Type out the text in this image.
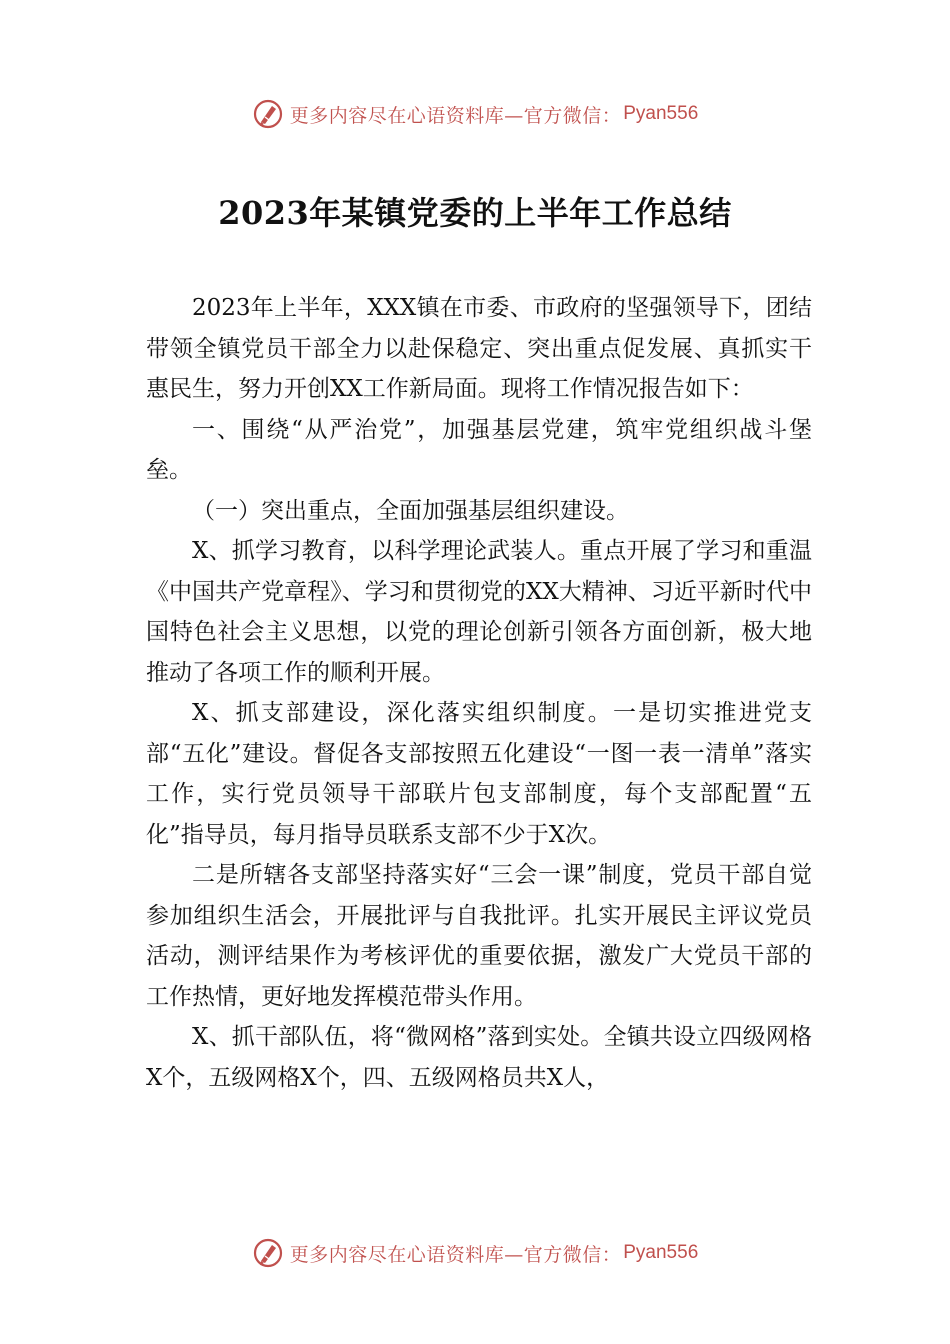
更多内容尽在心语资料库—官方微信： Pyan556
2023年某镇党委的上半年工作总结

2023年上半年，XXX镇在市委、市政府的坚强领导下，团结带领全镇党员干部全力以赴保稳定、突出重点促发展、真抓实干惠民生，努力开创XX工作新局面。现将工作情况报告如下：

一、围绕“从严治党”，加强基层党建，筑牢党组织战斗堡垒。

（一）突出重点，全面加强基层组织建设。

X、抓学习教育，以科学理论武装人。重点开展了学习和重温《中国共产党章程》、学习和贯彻党的XX大精神、习近平新时代中国特色社会主义思想，以党的理论创新引领各方面创新，极大地推动了各项工作的顺利开展。

X、抓支部建设，深化落实组织制度。一是切实推进党支部“五化”建设。督促各支部按照五化建设“一图一表一清单”落实工作，实行党员领导干部联片包支部制度，每个支部配置“五化”指导员，每月指导员联系支部不少于X次。

二是所辖各支部坚持落实好“三会一课”制度，党员干部自觉参加组织生活会，开展批评与自我批评。扎实开展民主评议党员活动，测评结果作为考核评优的重要依据，激发广大党员干部的工作热情，更好地发挥模范带头作用。

X、抓干部队伍，将“微网格”落到实处。全镇共设立四级网格X个，五级网格X个，四、五级网格员共X人，

更多内容尽在心语资料库—官方微信： Pyan556
